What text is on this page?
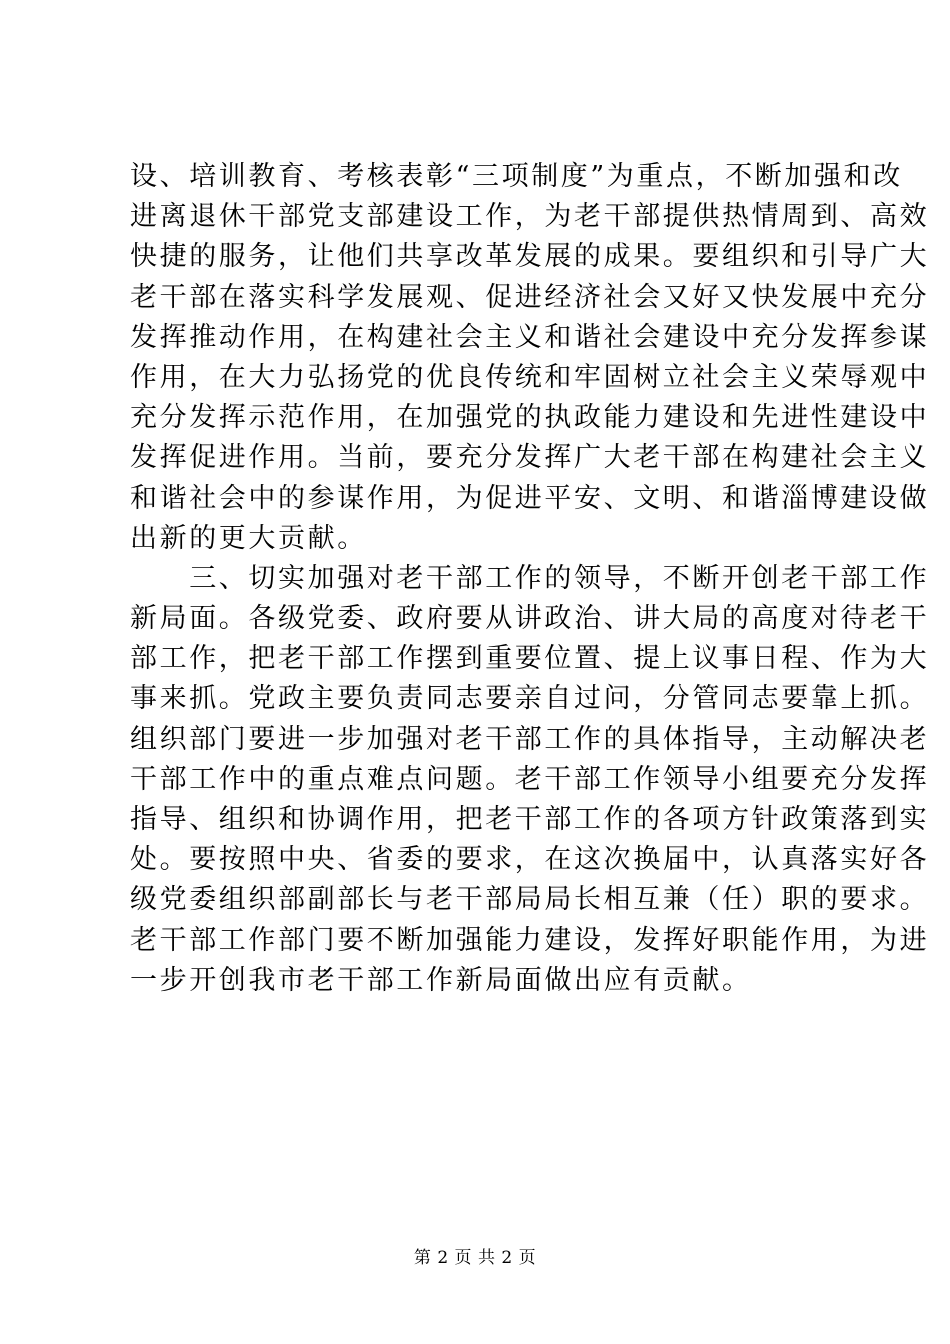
设、培训教育、考核表彰“三项制度”为重点，不断加强和改
进离退休干部党支部建设工作，为老干部提供热情周到、高效
快捷的服务，让他们共享改革发展的成果。要组织和引导广大
老干部在落实科学发展观、促进经济社会又好又快发展中充分
发挥推动作用，在构建社会主义和谐社会建设中充分发挥参谋
作用，在大力弘扬党的优良传统和牢固树立社会主义荣辱观中
充分发挥示范作用，在加强党的执政能力建设和先进性建设中
发挥促进作用。当前，要充分发挥广大老干部在构建社会主义
和谐社会中的参谋作用，为促进平安、文明、和谐淄博建设做
出新的更大贡献。
　　三、切实加强对老干部工作的领导，不断开创老干部工作
新局面。各级党委、政府要从讲政治、讲大局的高度对待老干
部工作，把老干部工作摆到重要位置、提上议事日程、作为大
事来抓。党政主要负责同志要亲自过问，分管同志要靠上抓。
组织部门要进一步加强对老干部工作的具体指导，主动解决老
干部工作中的重点难点问题。老干部工作领导小组要充分发挥
指导、组织和协调作用，把老干部工作的各项方针政策落到实
处。要按照中央、省委的要求，在这次换届中，认真落实好各
级党委组织部副部长与老干部局局长相互兼（任）职的要求。
老干部工作部门要不断加强能力建设，发挥好职能作用，为进
一步开创我市老干部工作新局面做出应有贡献。
第 2 页 共 2 页
